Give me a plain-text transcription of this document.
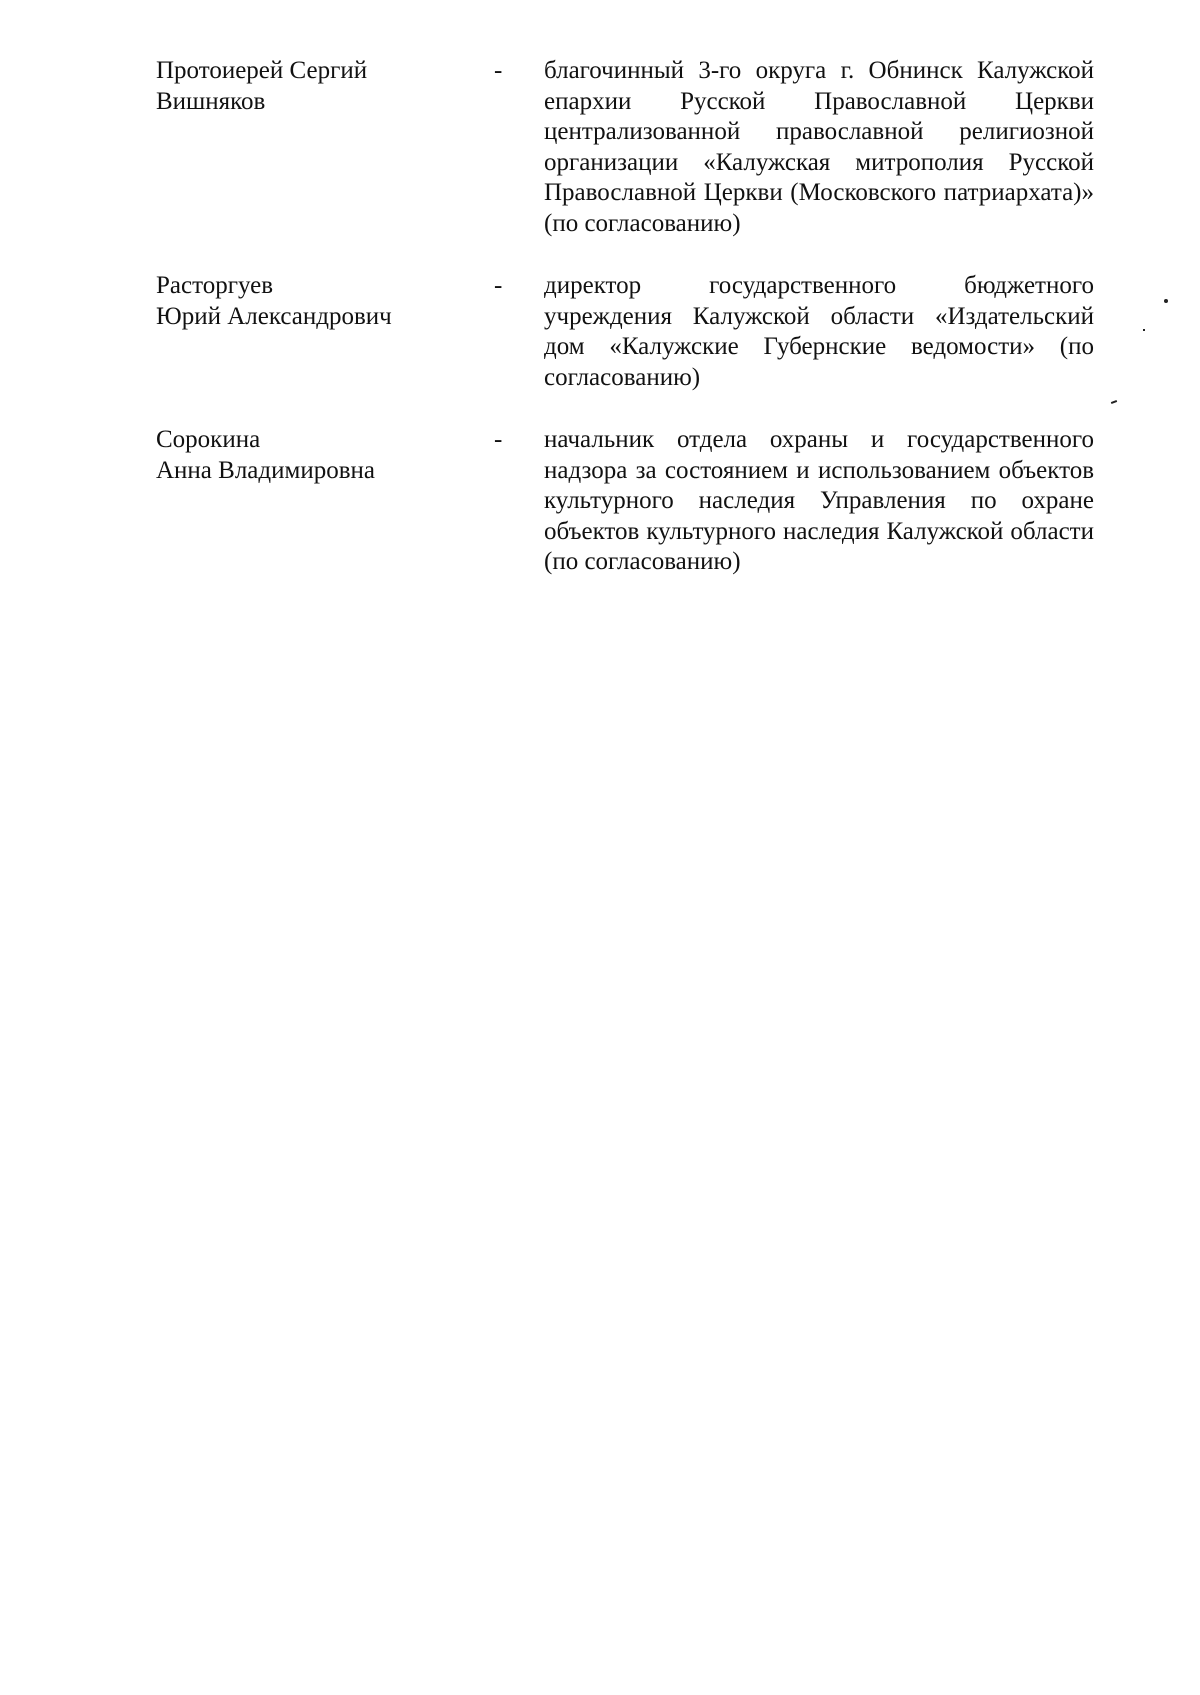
Протоиерей Сергий
Вишняков
-	благочинный 3-го округа г. Обнинск Калужской епархии Русской Православной Церкви централизованной православной религиозной организации «Калужская митрополия Русской Православной Церкви (Московского патриархата)» (по согласованию)
Расторгуев
Юрий Александрович
-	директор государственного бюджетного учреждения Калужской области «Издательский дом «Калужские Губернские ведомости» (по согласованию)
Сорокина
Анна Владимировна
-	начальник отдела охраны и государственного надзора за состоянием и использованием объектов культурного наследия Управления по охране объектов культурного наследия Калужской области (по согласованию)
